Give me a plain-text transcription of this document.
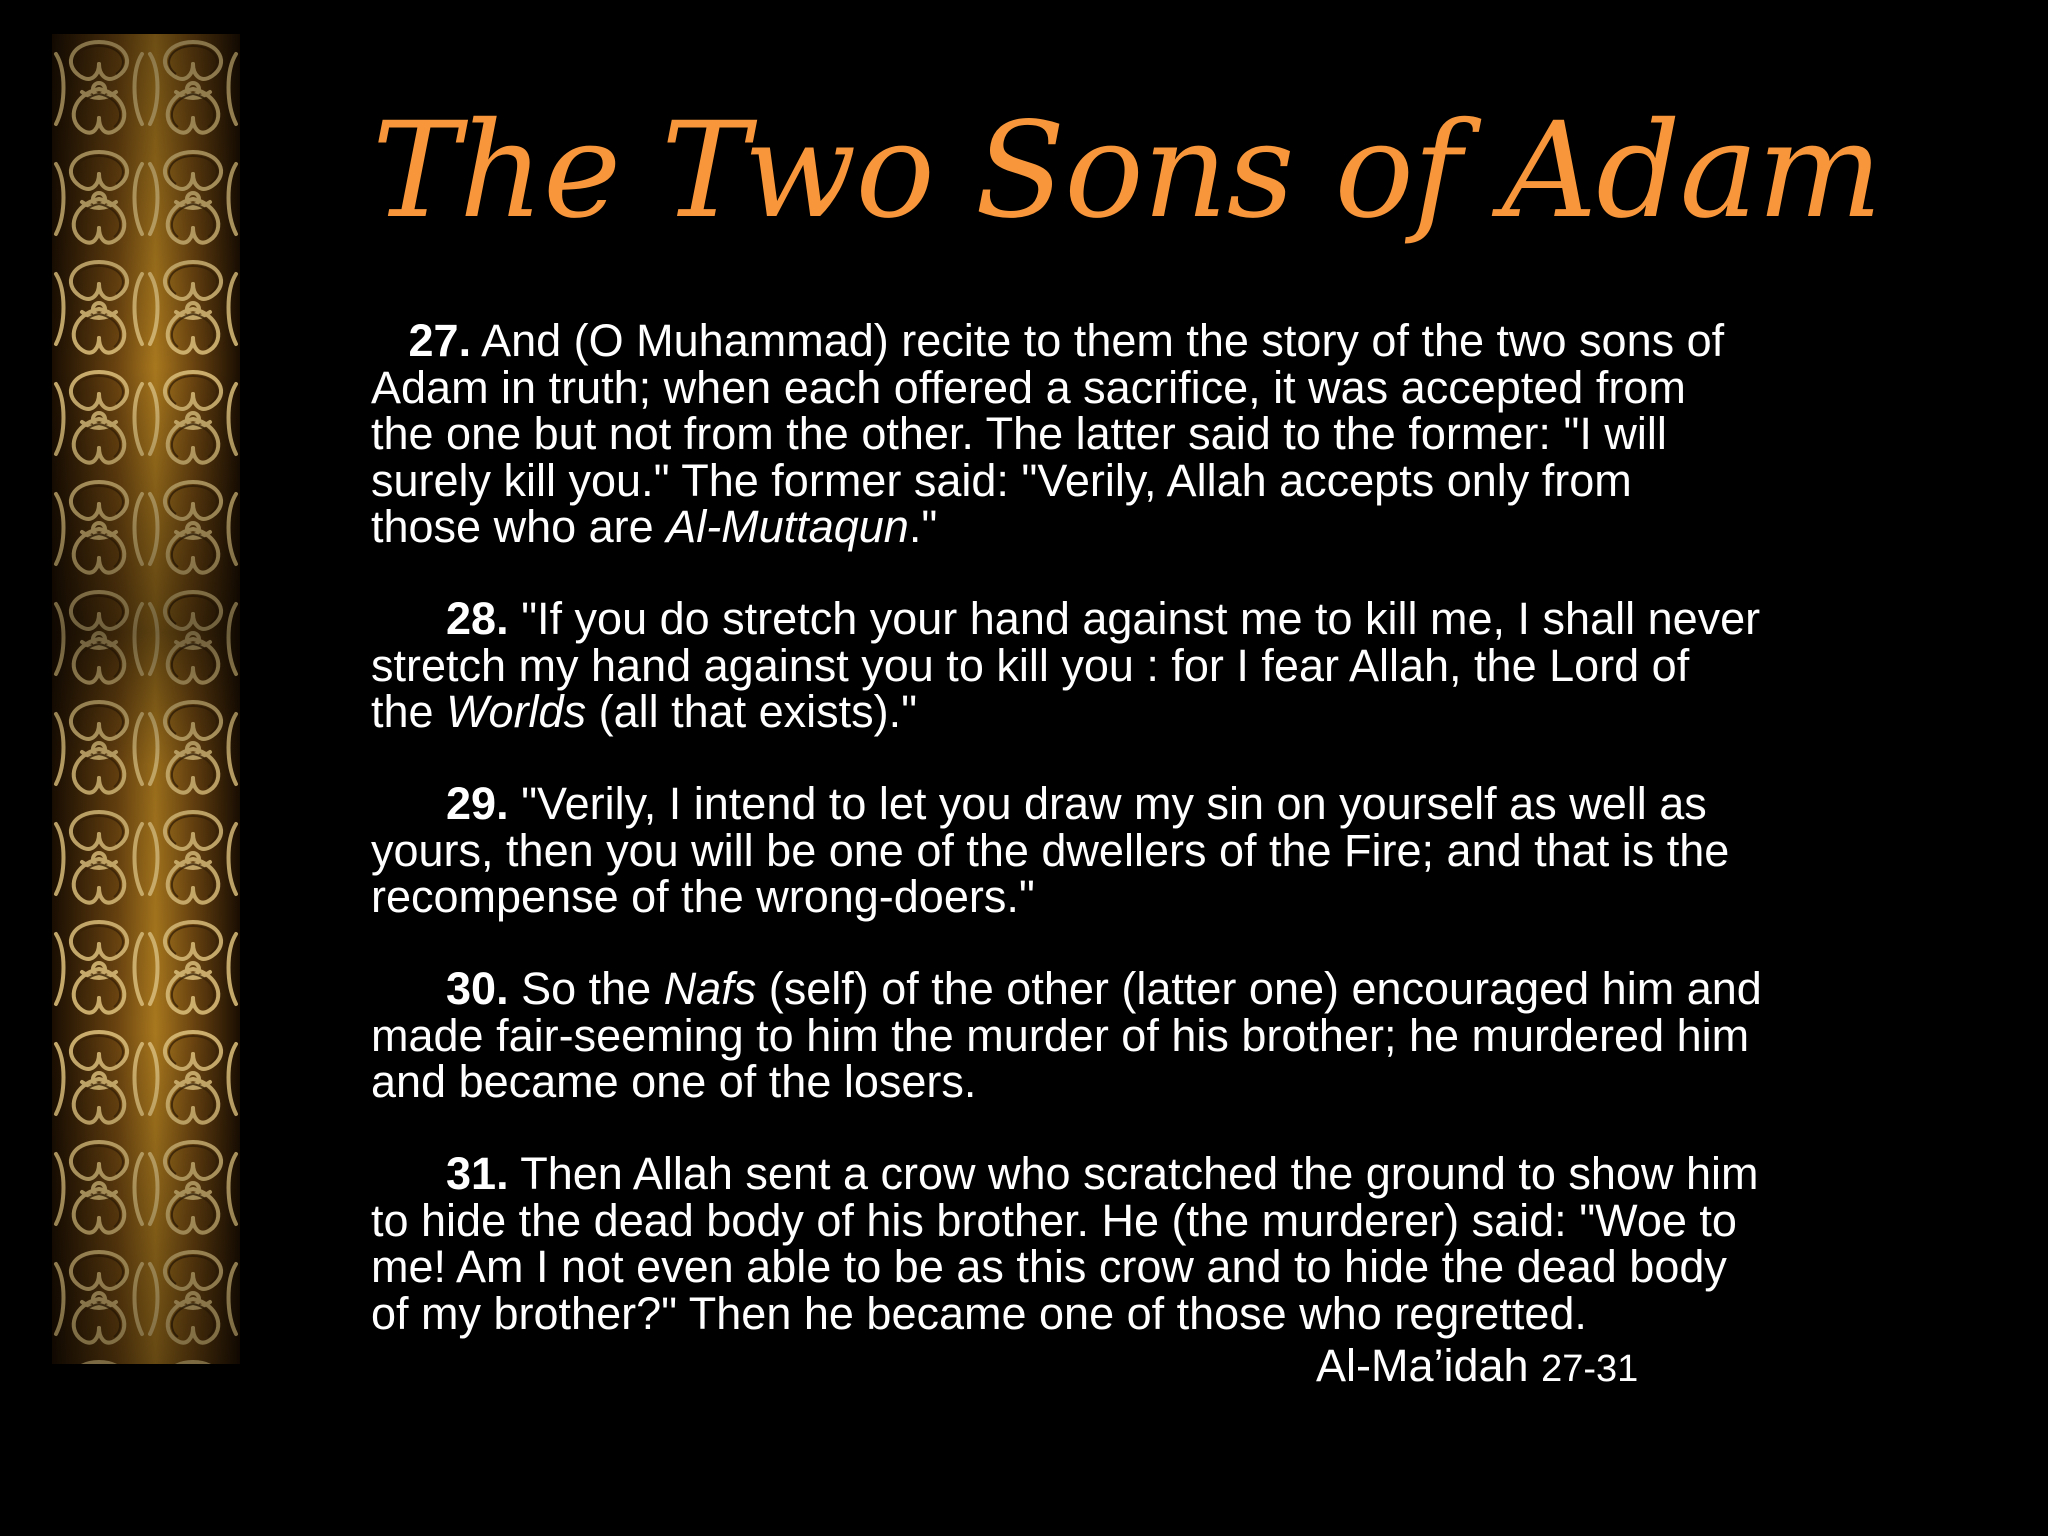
The Two Sons of Adam

27. And (O Muhammad) recite to them the story of the two sons of
Adam in truth; when each offered a sacrifice, it was accepted from
the one but not from the other. The latter said to the former: "I will
surely kill you." The former said: "Verily, Allah accepts only from
those who are Al-Muttaqun."

28. "If you do stretch your hand against me to kill me, I shall never
stretch my hand against you to kill you : for I fear Allah, the Lord of
the Worlds (all that exists)."

29. "Verily, I intend to let you draw my sin on yourself as well as
yours, then you will be one of the dwellers of the Fire; and that is the
recompense of the wrong-doers."

30. So the Nafs (self) of the other (latter one) encouraged him and
made fair-seeming to him the murder of his brother; he murdered him
and became one of the losers.

31. Then Allah sent a crow who scratched the ground to show him
to hide the dead body of his brother. He (the murderer) said: "Woe to
me! Am I not even able to be as this crow and to hide the dead body
of my brother?" Then he became one of those who regretted.

Al-Ma’idah 27-31
